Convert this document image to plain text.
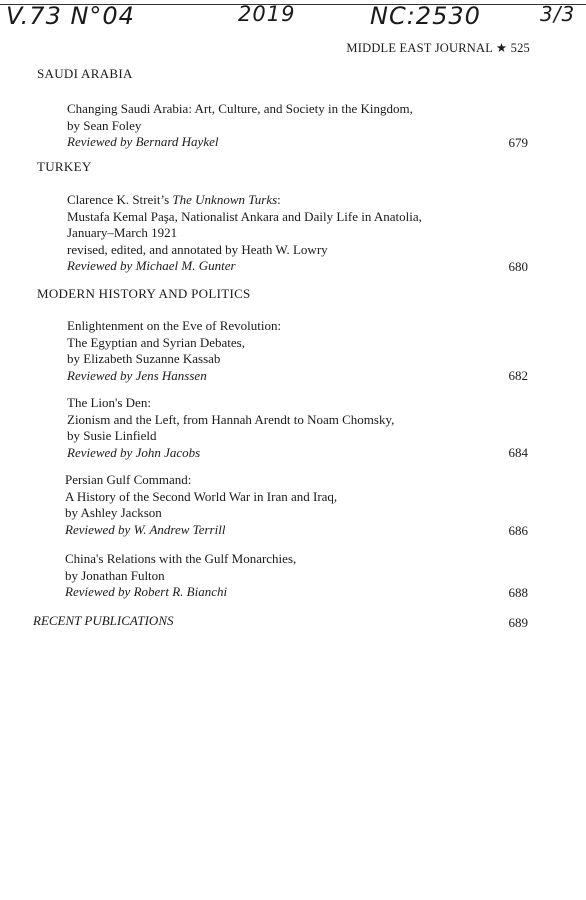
V.73 N°04	2019	NC:2530	3/3
MIDDLE EAST JOURNAL ★ 525
SAUDI ARABIA
Changing Saudi Arabia: Art, Culture, and Society in the Kingdom,
by Sean Foley
Reviewed by Bernard Haykel	679
TURKEY
Clarence K. Streit’s The Unknown Turks:
Mustafa Kemal Paşa, Nationalist Ankara and Daily Life in Anatolia,
January–March 1921
revised, edited, and annotated by Heath W. Lowry
Reviewed by Michael M. Gunter	680
MODERN HISTORY AND POLITICS
Enlightenment on the Eve of Revolution:
The Egyptian and Syrian Debates,
by Elizabeth Suzanne Kassab
Reviewed by Jens Hanssen	682
The Lion's Den:
Zionism and the Left, from Hannah Arendt to Noam Chomsky,
by Susie Linfield
Reviewed by John Jacobs	684
Persian Gulf Command:
A History of the Second World War in Iran and Iraq,
by Ashley Jackson
Reviewed by W. Andrew Terrill	686
China's Relations with the Gulf Monarchies,
by Jonathan Fulton
Reviewed by Robert R. Bianchi	688
RECENT PUBLICATIONS	689
